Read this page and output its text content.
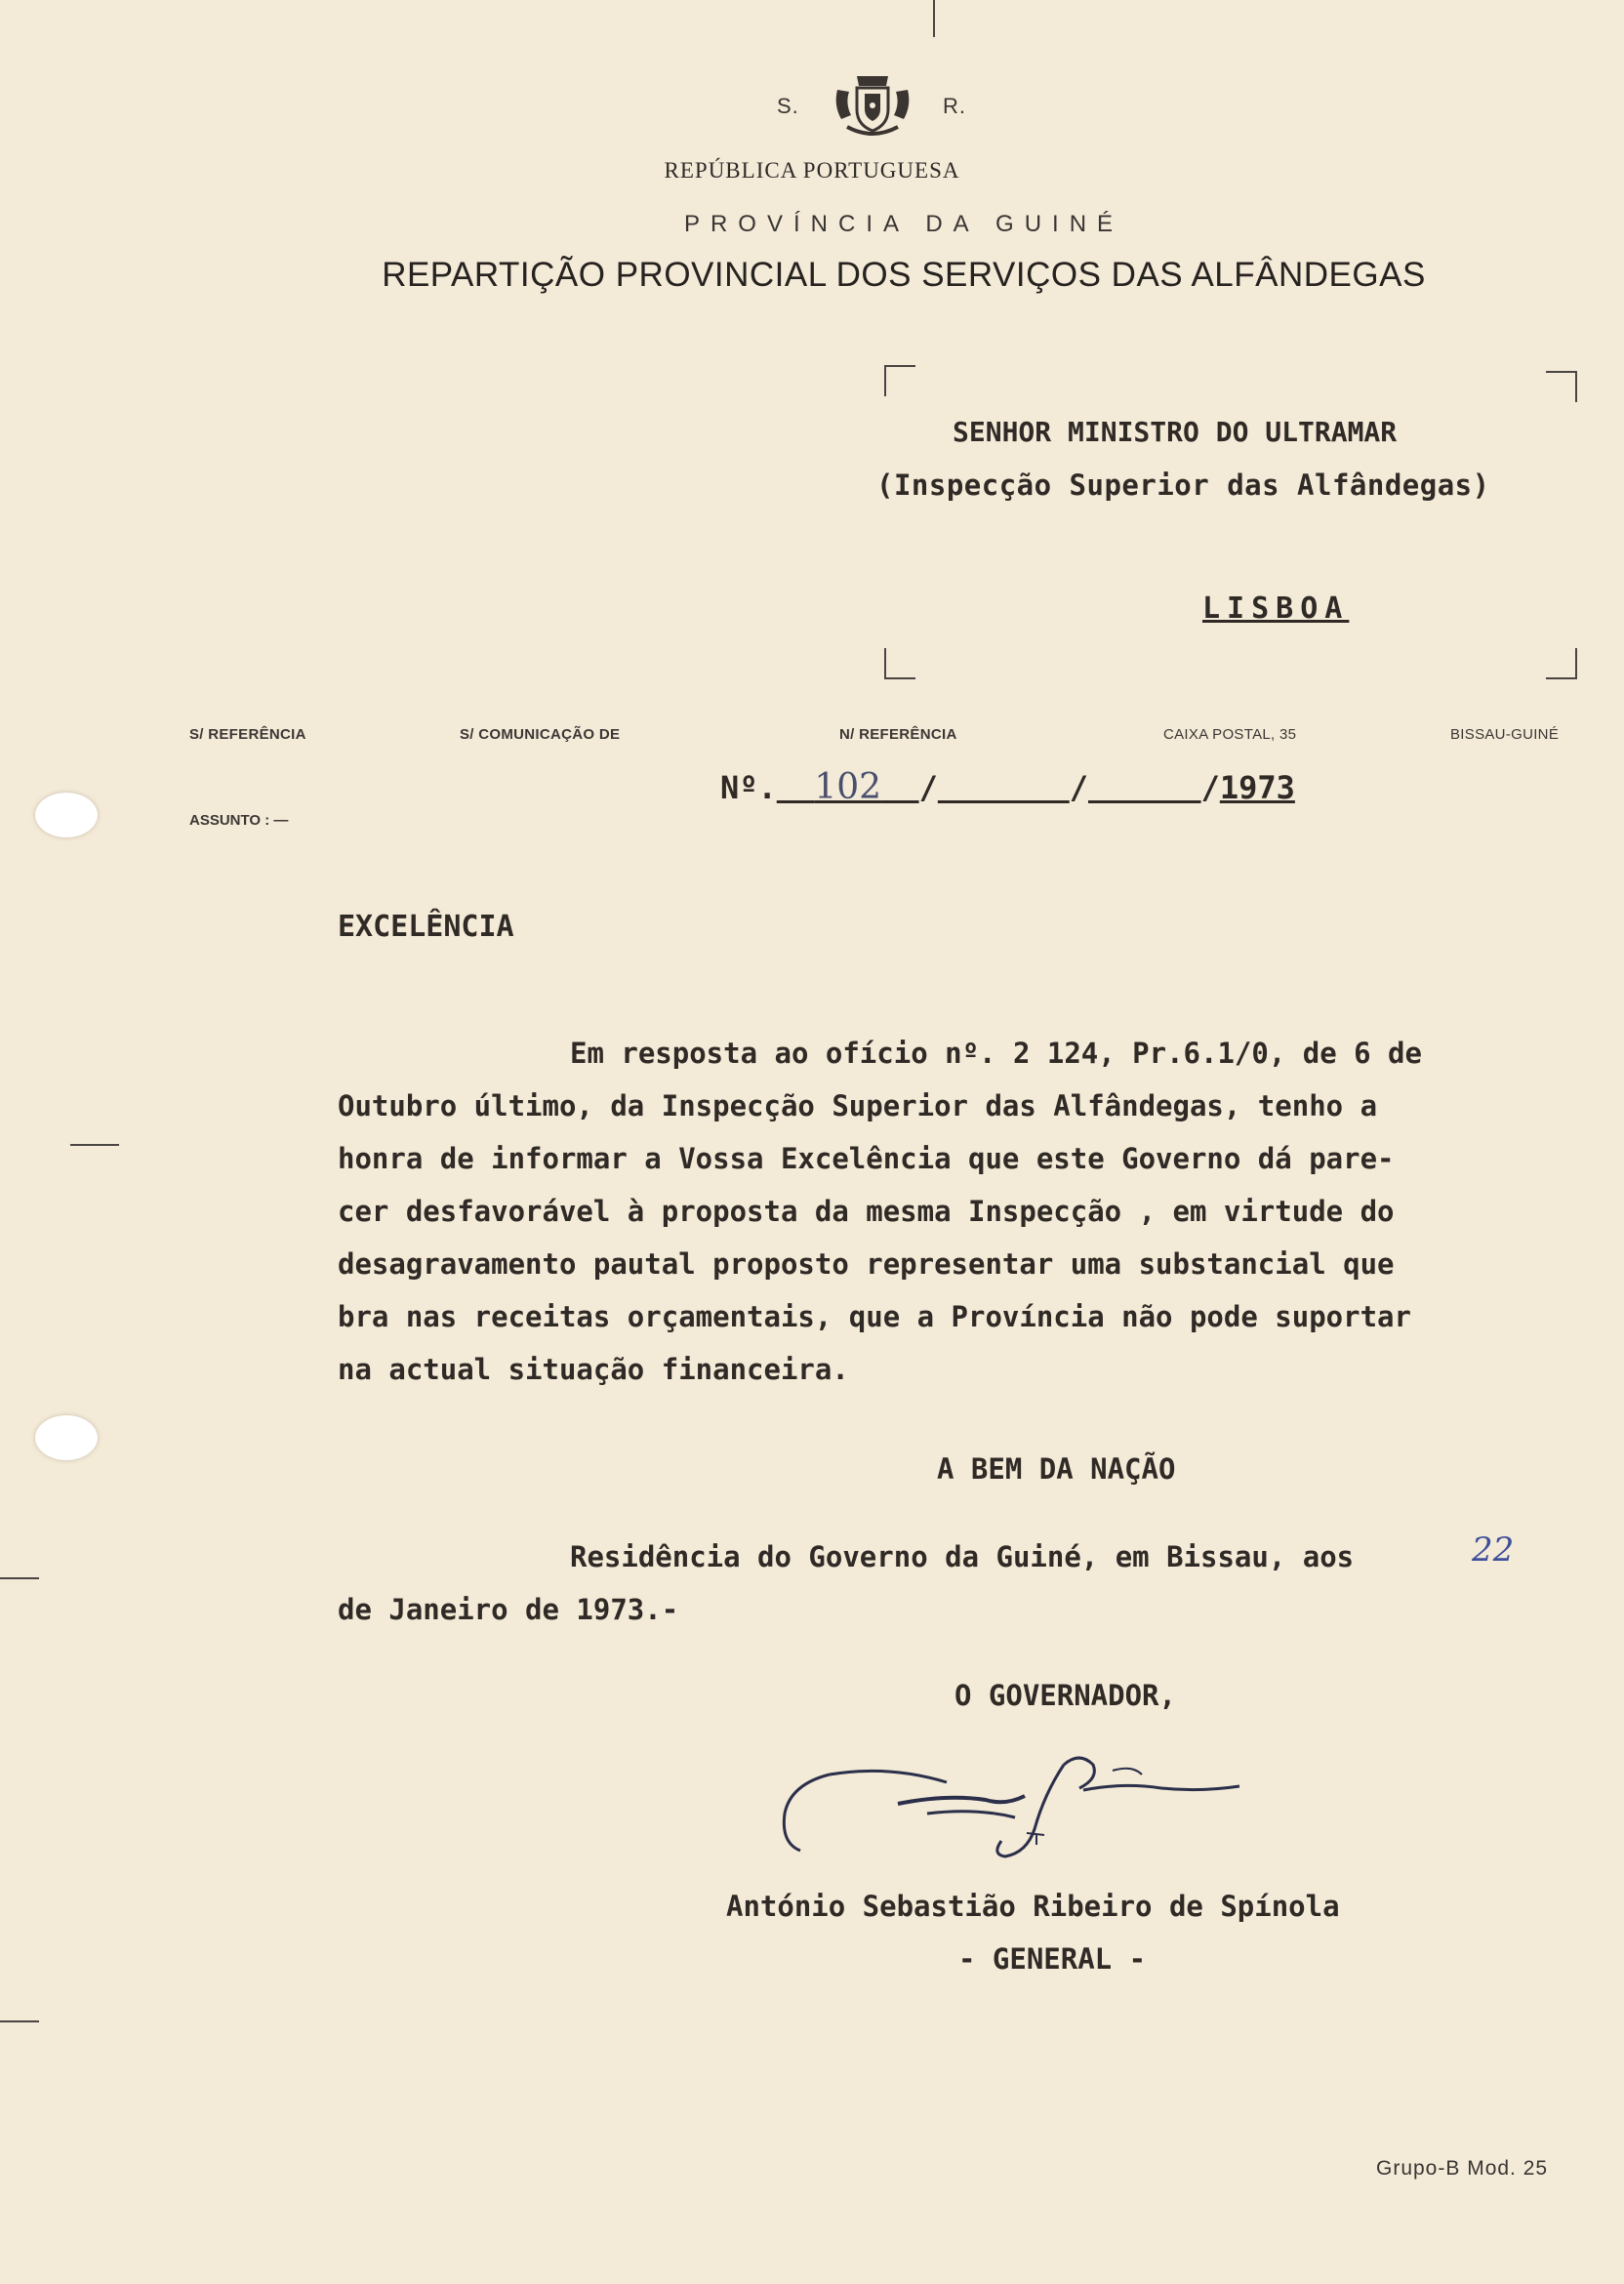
S.	R.
REPÚBLICA PORTUGUESA
PROVÍNCIA DA GUINÉ
REPARTIÇÃO PROVINCIAL DOS SERVIÇOS DAS ALFÂNDEGAS
SENHOR MINISTRO DO ULTRAMAR
(Inspecção Superior das Alfândegas)
LISBOA
S/ REFERÊNCIA	S/ COMUNICAÇÃO DE	N/ REFERÊNCIA	CAIXA POSTAL, 35	BISSAU-GUINÉ
ASSUNTO : —
Nº. 102 /	/	/1973
EXCELÊNCIA

Em resposta ao ofício nº. 2 124, Pr.6.1/0, de 6 de

Outubro último, da Inspecção Superior das Alfândegas, tenho a

honra de informar a Vossa Excelência que este Governo dá pare-

cer desfavorável à proposta da mesma Inspecção , em virtude do

desagravamento pautal proposto representar uma substancial que

bra nas receitas orçamentais, que a Província não pode suportar

na actual situação financeira.

A BEM DA NAÇÃO
Residência do Governo da Guiné, em Bissau, aos	22
de Janeiro de 1973.-
O GOVERNADOR,
António Sebastião Ribeiro de Spínola
- GENERAL -
Grupo-B Mod. 25
